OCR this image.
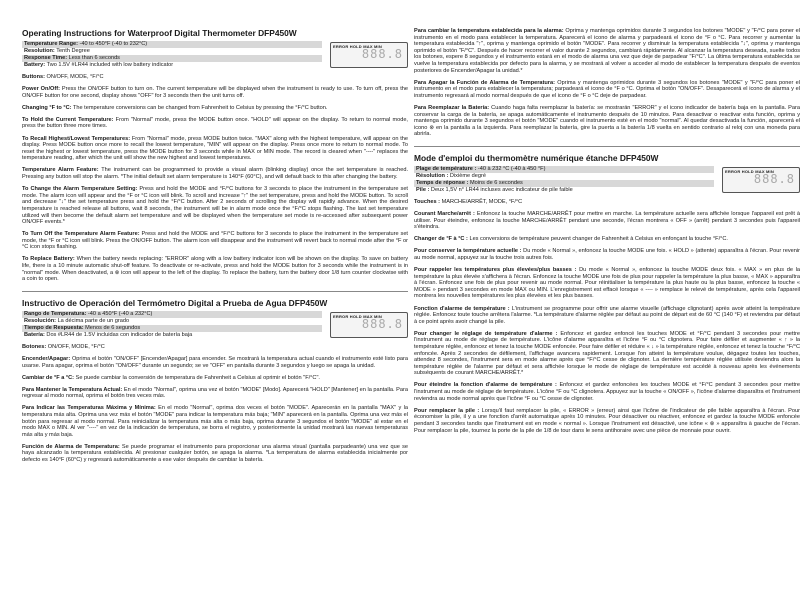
Operating Instructions for Waterproof Digital Thermometer DFP450W
Temperature Range: -40 to 450°F (-40 to 232°C)
Resolution: Tenth Degree
Response Time: Less than 6 seconds
Battery: Two 1.5V #LR44 included with low battery indicator
ERROR HOLD MAX MIN
888.8

Buttons: ON/OFF, MODE, °F/°C

Power On/Off: Press the ON/OFF button to turn on. The current temperature will be displayed when the instrument is ready to use. To turn off, press the ON/OFF button for one second, display shows "OFF" for 3 seconds then the unit turns off.

Changing °F to °C: The temperature conversions can be changed from Fahrenheit to Celsius by pressing the °F/°C button.

To Hold the Current Temperature: From "Normal" mode, press the MODE button once. "HOLD" will appear on the display. To return to normal mode, press the button three more times.

To Recall Highest/Lowest Temperatures: From "Normal" mode, press MODE button twice. "MAX" along with the highest temperature, will appear on the display. Press MODE button once more to recall the lowest temperature, "MIN" will appear on the display. Press once more to return to normal mode. To reset the highest or lowest temperature, press the MODE button for 3 seconds while in MAX or MIN mode. The record is cleared when "----" replaces the temperature reading, after which the unit will show the new highest and lowest temperatures.

Temperature Alarm Feature: The instrument can be programmed to provide a visual alarm (blinking display) once the set temperature is reached. Pressing any button will stop the alarm. *The initial default set alarm temperature is 140°F (60°C), and will default back to this after changing the battery.

To Change the Alarm Temperature Setting: Press and hold the MODE and °F/°C buttons for 3 seconds to place the instrument in the temperature set mode. The alarm icon will appear and the °F or °C icon will blink. To scroll and increase "↑" the set temperature, press and hold the MODE button. To scroll and decrease "↓" the set temperature press and hold the °F/°C button. After 2 seconds of scrolling the display will rapidly advance. When the desired temperature is reached release all buttons, wait 8 seconds, the instrument will be in alarm mode once the °F/°C stops flashing. The last set temperature utilized will then become the default alarm set temperature and will be displayed when the temperature set mode is re-accessed after subsequent power ON/OFF events.*

To Turn Off the Temperature Alarm Feature: Press and hold the MODE and °F/°C buttons for 3 seconds to place the instrument in the temperature set mode, the °F or °C icon will blink. Press the ON/OFF button. The alarm icon will disappear and the instrument will revert back to normal mode after the °F or °C icon stops flashing.

To Replace Battery: When the battery needs replacing: "ERROR" along with a low battery indicator icon will be shown on the display. To save on battery life, there is a 10 minute automatic shut-off feature. To deactivate or re-activate, press and hold the MODE button for 3 seconds while the instrument is in "normal" mode. When deactivated, a ⊗ icon will appear to the left of the display. To replace the battery, turn the battery door 1/8 turn counter clockwise with a coin to open.

Instructivo de Operación del Termómetro Digital a Prueba de Agua DFP450W
Rango de Temperatura: -40 a 450°F (-40 a 232°C)
Resolución: La décima parte de un grado
Tiempo de Respuesta: Menos de 6 segundos
Batería: Dos #LR44 de 1.5V incluidas con indicador de batería baja
ERROR HOLD MAX MIN
888.8

Botones: ON/OFF, MODE, °F/°C

Encender/Apagar: Oprima el botón "ON/OFF" [Encender/Apagar] para encender. Se mostrará la temperatura actual cuando el instrumento esté listo para usarse. Para apagar, oprima el botón "ON/OFF" durante un segundo; se ve "OFF" en pantalla durante 3 segundos y luego se apaga la unidad.

Cambiar de °F a °C: Se puede cambiar la conversión de temperatura de Fahrenheit a Celsius al oprimir el botón "F/°C".

Para Mantener la Temperatura Actual: En el modo "Normal", oprima una vez el botón "MODE" [Modo]. Aparecerá "HOLD" [Mantener] en la pantalla. Para regresar al modo normal, oprima el botón tres veces más.

Para Indicar las Temperaturas Máxima y Mínima: En el modo "Normal", oprima dos veces el botón "MODE". Aparecerán en la pantalla "MAX" y la temperatura más alta. Oprima una vez más el botón "MODE" para indicar la temperatura más baja; "MIN" aparecerá en la pantalla. Oprima una vez más el botón para regresar al modo normal. Para reinicializar la temperatura más alta o más baja, oprima durante 3 segundos el botón "MODE" al estar en el modo MAX o MIN. Al ver "----" en vez de la indicación de temperatura, se borra el registro, y posteriormente la unidad mostrará las nuevas temperaturas más alta y más baja.

Función de Alarma de Temperatura: Se puede programar el instrumento para proporcionar una alarma visual (pantalla parpadeante) una vez que se haya alcanzado la temperatura establecida. Al presionar cualquier botón, se apaga la alarma. *La temperatura de alarma establecida inicialmente por defecto es 140°F (60°C) y regresará automáticamente a ese valor después de cambiar la batería.

Para cambiar la temperatura establecida para la alarma: Oprima y mantenga oprimidos durante 3 segundos los botones "MODE" y "F/°C para poner el instrumento en el modo para establecer la temperatura. Aparecerá el icono de alarma y parpadeará el icono de °F o °C. Para recorrer y aumentar la temperatura establecida "↑", oprima y mantenga oprimido el botón "MODE". Para recorrer y disminuir la temperatura establecida "↓", oprima y mantenga oprimido el botón "F/°C". Después de hacer recorrer el valor durante 2 segundos, cambiará rápidamente. Al alcanzar la temperatura deseada, suelte todos los botones, espere 8 segundos y el instrumento estará en el modo de alarma una vez que deje de parpadear "F/°C". La última temperatura establecida se vuelve la temperatura establecida por defecto para la alarma, y se mostrará al volver a acceder al modo de establecer la temperatura después de eventos posteriores de Encender/Apagar la unidad.*

Para Apagar la Función de Alarma de Temperatura: Oprima y mantenga oprimidos durante 3 segundos los botones "MODE" y "F/°C para poner el instrumento en el modo para establecer la temperatura; parpadeará el icono de °F o °C. Oprima el botón "ON/OFF". Desaparecerá el icono de alarma y el instrumento regresará al modo normal después de que el icono de °F o °C deje de parpadear.

Para Reemplazar la Batería: Cuando haga falta reemplazar la batería: se mostrarán "ERROR" y el icono indicador de batería baja en la pantalla. Para conservar la carga de la batería, se apaga automáticamente el instrumento después de 10 minutos. Para desactivar o reactivar esta función, oprima y mantenga oprimido durante 3 segundos el botón "MODE" cuando el instrumento esté en el modo "normal". Al quedar desactivada la función, aparecerá el icono ⊗ en la pantalla a la izquierda. Para reemplazar la batería, gire la puerta a la batería 1/8 vuelta en sentido contrario al reloj con una moneda para abrirla.

Mode d'emploi du thermomètre numérique étanche DFP450W
Plage de température : -40 à 232 °C (-40 à 450 °F)
Résolution : Dixième degré
Temps de réponse : Moins de 6 secondes
Pile : Deux 1,5V n° LR44 incluses avec indicateur de pile faible
ERROR HOLD MAX MIN
888.8

Touches : MARCHE/ARRÊT, MODE, °F/°C

Courant Marche/arrêt : Enfoncez la touche MARCHE/ARRÊT pour mettre en marche. La température actuelle sera affichée lorsque l'appareil est prêt à utiliser. Pour éteindre, enfoncez la touche MARCHE/ARRÊT pendant une seconde, l'écran montrera « OFF » (arrêt) pendant 3 secondes puis l'appareil s'éteindra.

Changer de °F à °C : Les conversions de température peuvent changer de Fahrenheit à Celsius en enfonçant la touche °F/°C.

Pour conserver la température actuelle : Du mode « Normal », enfoncez la touche MODE une fois. « HOLD » (attente) apparaîtra à l'écran. Pour revenir au mode normal, appuyez sur la touche trois autres fois.

Pour rappeler les températures plus élevées/plus basses : Du mode « Normal », enfoncez la touche MODE deux fois. « MAX » en plus de la température la plus élevée s'affichera à l'écran. Enfoncez la touche MODE une fois de plus pour rappeler la température la plus basse, « MAX » apparaîtra à l'écran. Enfoncez une fois de plus pour revenir au mode normal. Pour réinitialiser la température la plus haute ou la plus basse, enfoncez la touche « MODE » pendant 3 secondes en mode MAX ou MIN. L'enregistrement est effacé lorsque « ---- » remplace le relevé de température, après cela l'appareil montrera les nouvelles températures les plus élevées et les plus basses.

Fonction d'alarme de température : L'instrument se programme pour offrir une alarme visuelle (affichage clignotant) après avoir atteint la température réglée. Enfoncez toute touche arrêtera l'alarme. *La température d'alarme réglée par défaut au point de départ est de 60 °C (140 °F) et reviendra par défaut à ce point après avoir changé la pile.

Pour changer le réglage de température d'alarme : Enfoncez et gardez enfoncé les touches MODE et °F/°C pendant 3 secondes pour mettre l'instrument au mode de réglage de température. L'icône d'alarme apparaîtra et l'icône °F ou °C clignotera. Pour faire défiler et augmenter « ↑ » la température réglée, enfoncez et tenez la touche MODE enfoncée. Pour faire défiler et réduire « ↓ » la température réglée, enfoncez et tenez la touche °F/°C enfoncée. Après 2 secondes de défilement, l'affichage avancera rapidement. Lorsque l'on atteint la température voulue, dégagez toutes les touches, attendez 8 secondes, l'instrument sera en mode alarme après que °F/°C cesse de clignoter. La dernière température réglée utilisée deviendra alors la température réglée de l'alarme par défaut et sera affichée lorsque le mode de réglage de température est accédé à nouveau après les événements subséquents de courant MARCHE/ARRÊT.*

Pour éteindre la fonction d'alarme de température : Enfoncez et gardez enfoncées les touches MODE et °F/°C pendant 3 secondes pour mettre l'instrument au mode de réglage de température. L'icône °F ou °C clignotera. Appuyez sur la touche « ON/OFF », l'icône d'alarme disparaîtra et l'instrument reviendra au mode normal après que l'icône °F ou °C cesse de clignoter.

Pour remplacer la pile : Lorsqu'il faut remplacer la pile, « ERROR » (erreur) ainsi que l'icône de l'indicateur de pile faible apparaîtra à l'écran. Pour économiser la pile, il y a une fonction d'arrêt automatique après 10 minutes. Pour désactiver ou réactiver, enfoncez et gardez la touche MODE enfoncée pendant 3 secondes tandis que l'instrument est en mode « normal ». Lorsque l'instrument est désactivé, une icône « ⊗ » apparaîtra à gauche de l'écran. Pour remplacer la pile, tournez la porte de la pile de 1/8 de tour dans le sens antihoraire avec une pièce de monnaie pour ouvrir.
